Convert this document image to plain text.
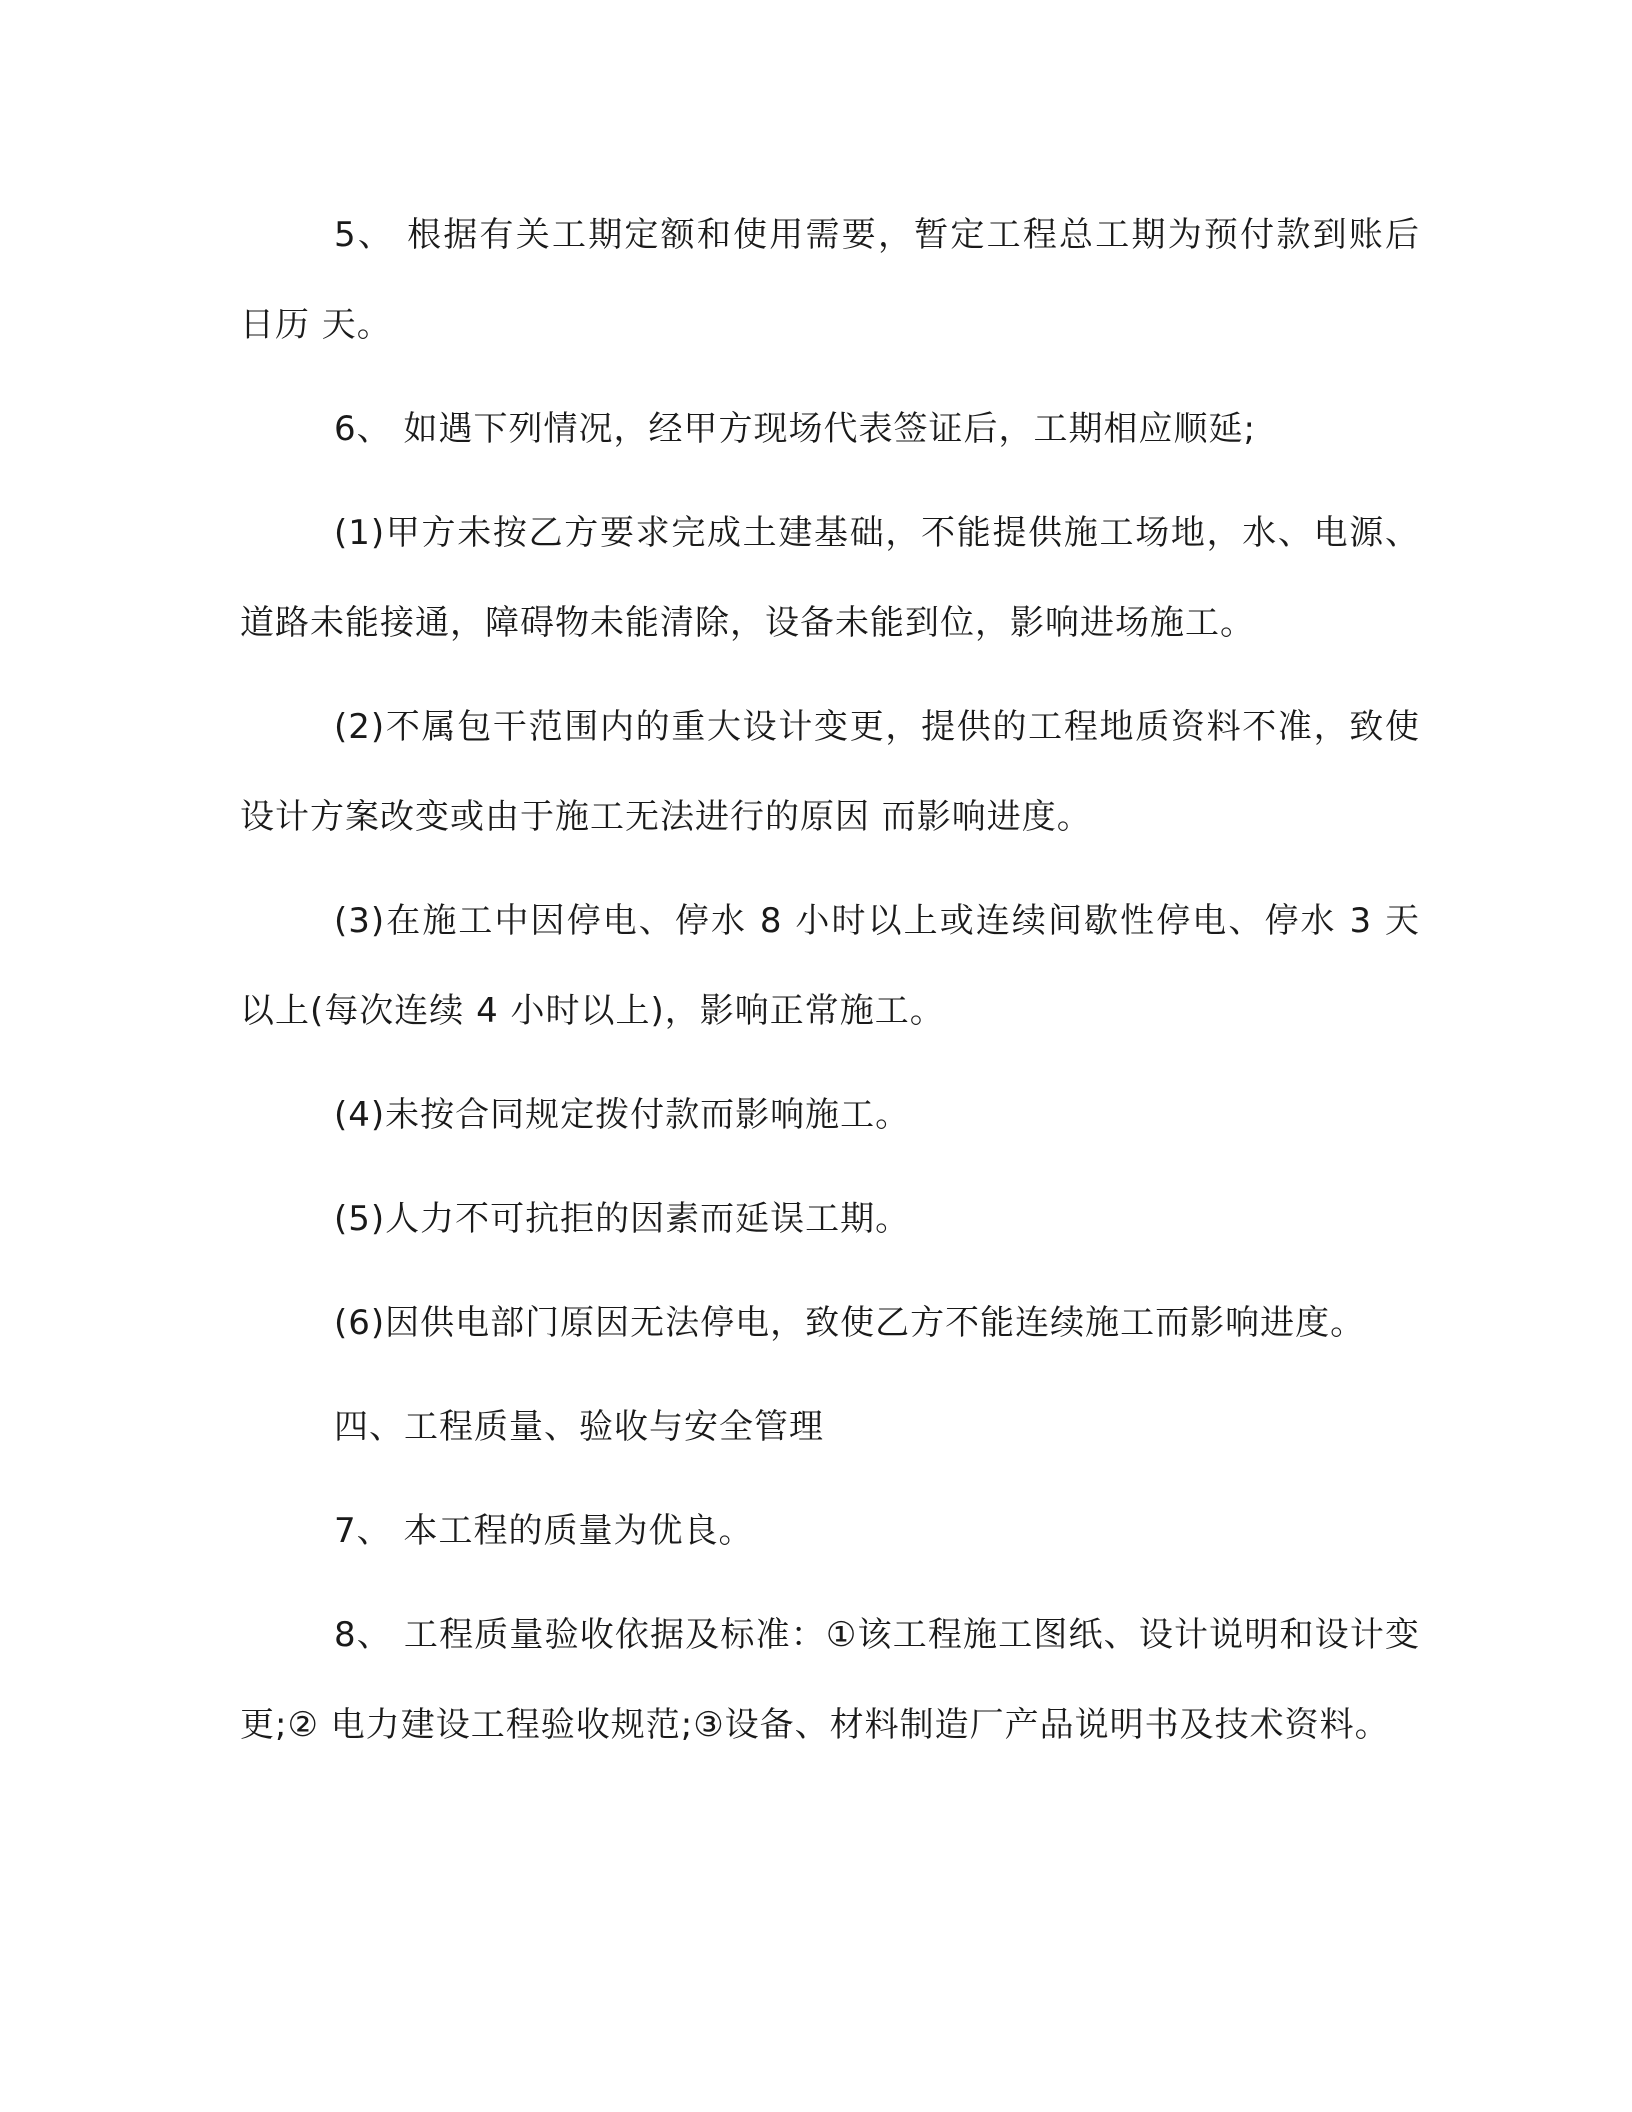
5、 根据有关工期定额和使用需要，暂定工程总工期为预付款到账后 日历 天。

6、 如遇下列情况，经甲方现场代表签证后，工期相应顺延;

(1)甲方未按乙方要求完成土建基础，不能提供施工场地，水、电源、道路未能接通，障碍物未能清除，设备未能到位，影响进场施工。

(2)不属包干范围内的重大设计变更，提供的工程地质资料不准，致使设计方案改变或由于施工无法进行的原因 而影响进度。

(3)在施工中因停电、停水 8 小时以上或连续间歇性停电、停水 3 天以上(每次连续 4 小时以上)，影响正常施工。

(4)未按合同规定拨付款而影响施工。

(5)人力不可抗拒的因素而延误工期。

(6)因供电部门原因无法停电，致使乙方不能连续施工而影响进度。

四、工程质量、验收与安全管理

7、 本工程的质量为优良。

8、 工程质量验收依据及标准：①该工程施工图纸、设计说明和设计变更;② 电力建设工程验收规范;③设备、材料制造厂产品说明书及技术资料。
